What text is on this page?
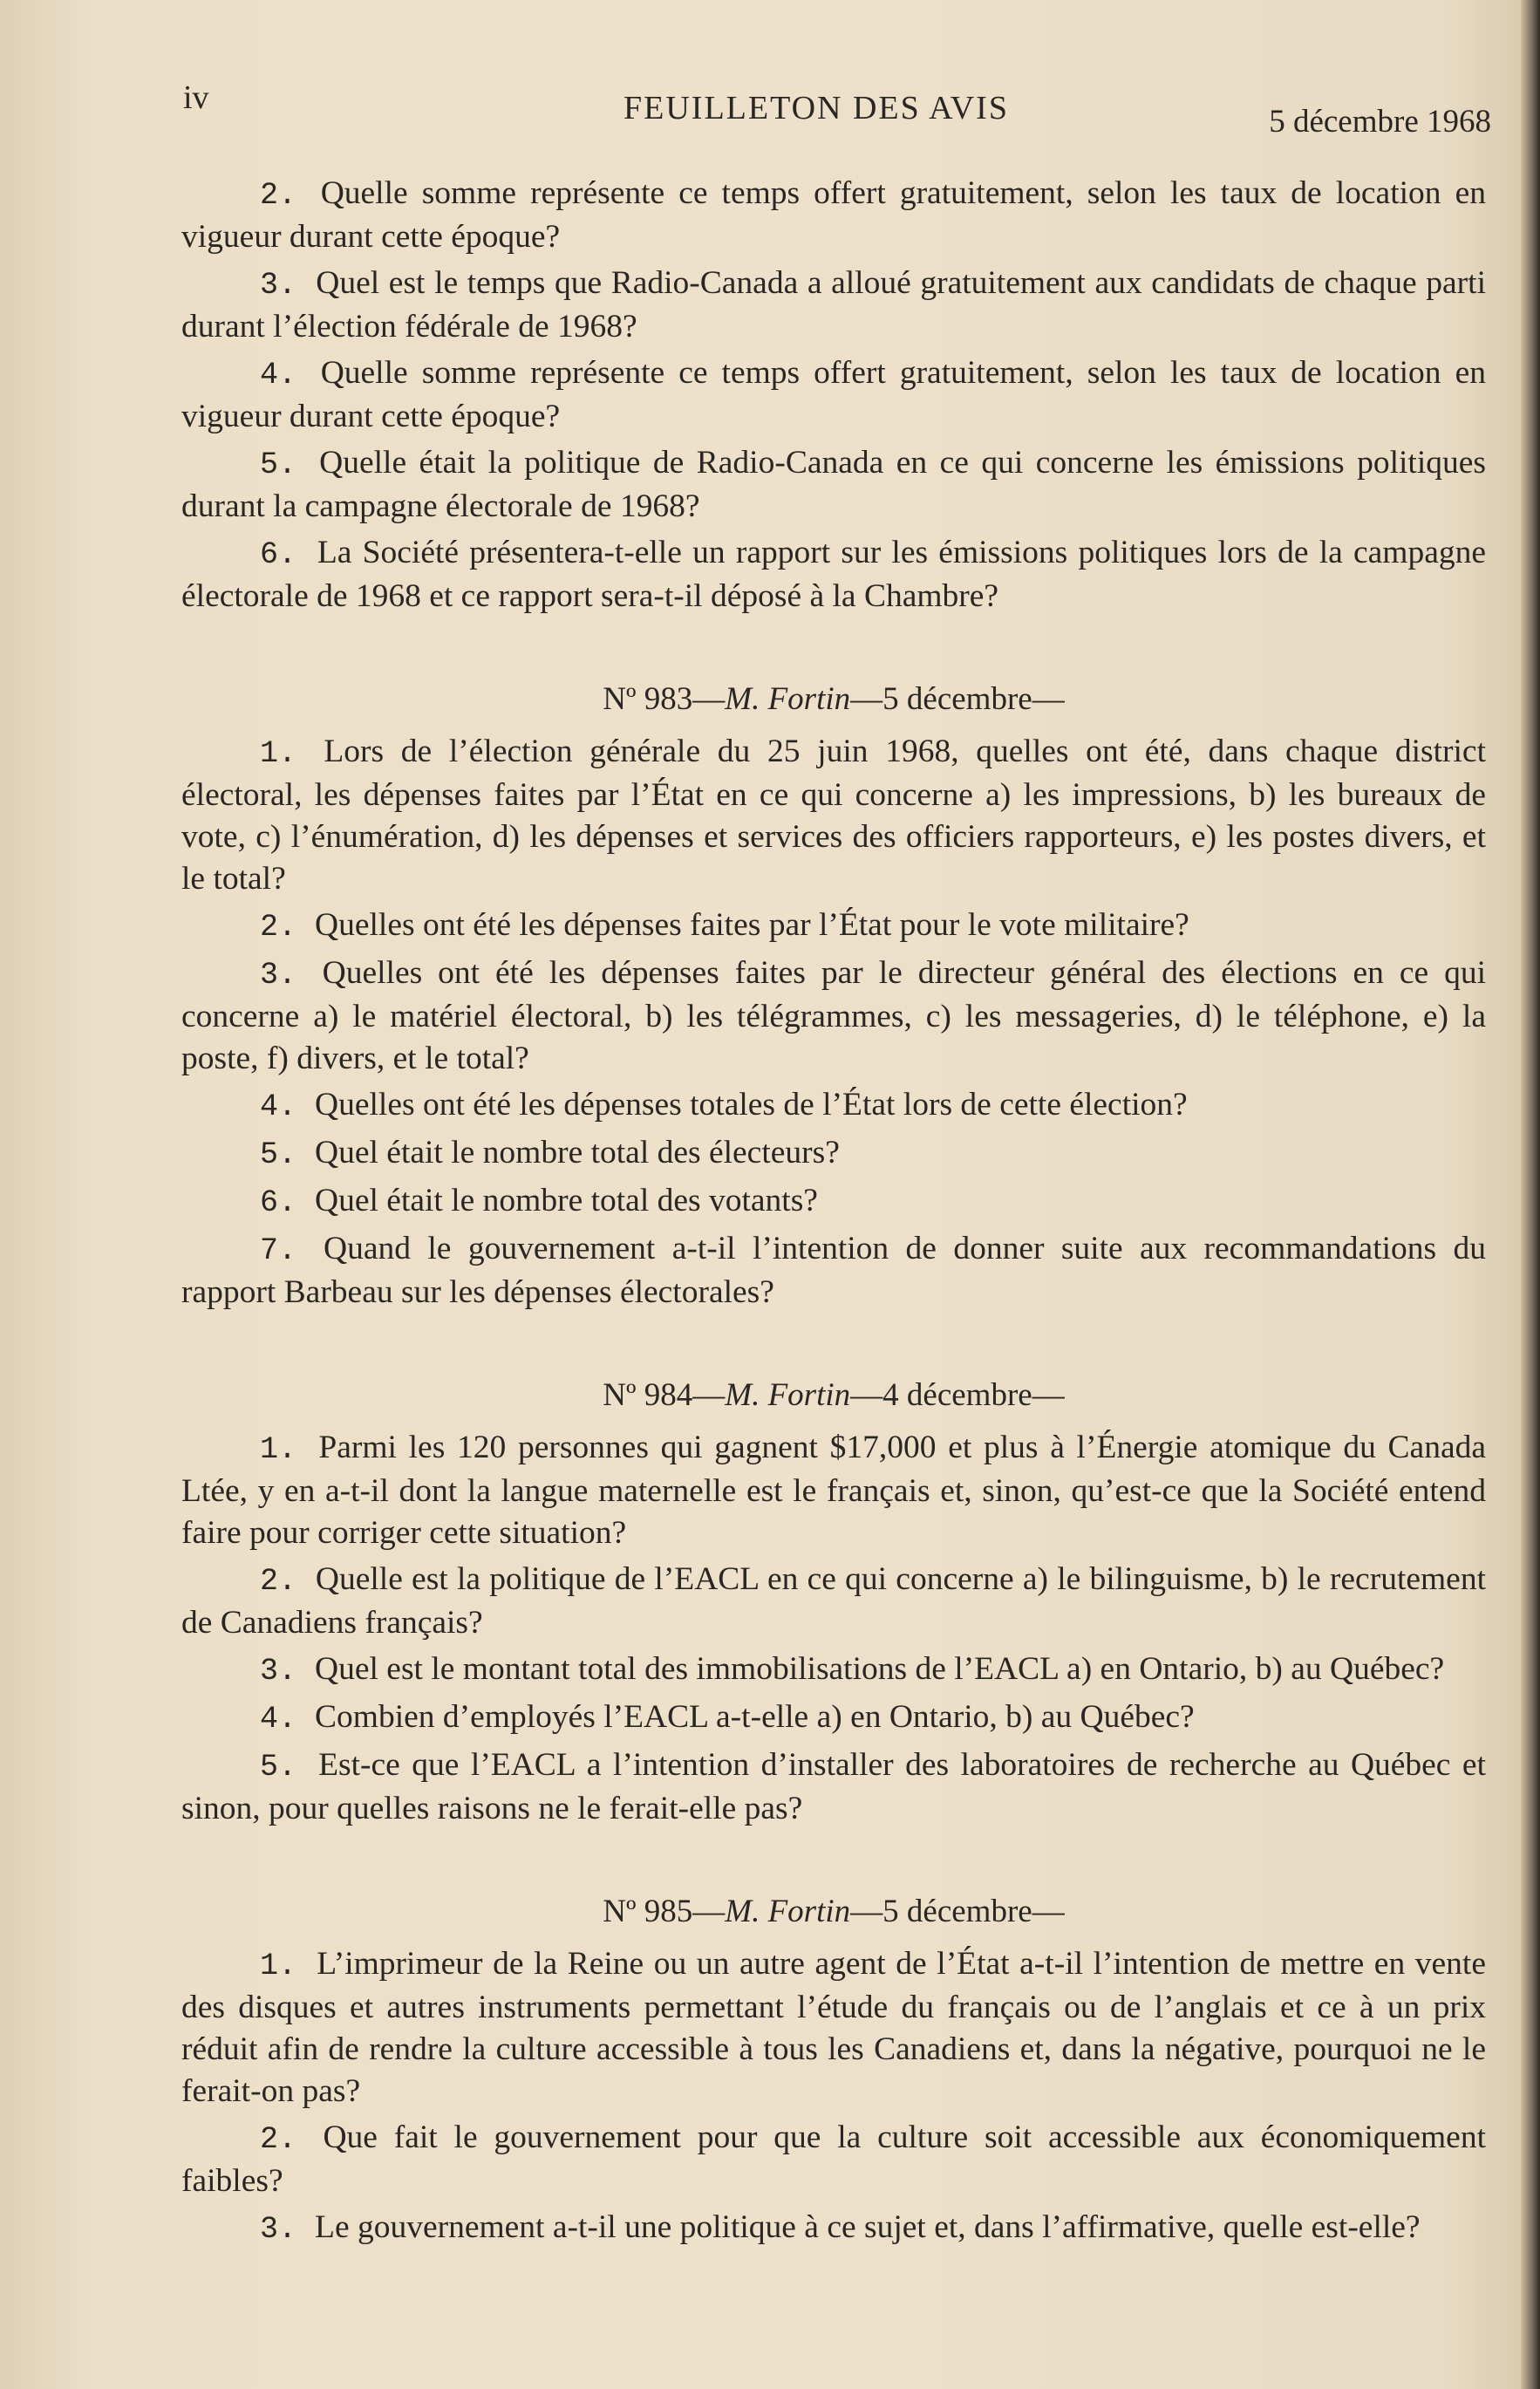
iv	FEUILLETON DES AVIS	5 décembre 1968

2 . Quelle somme représente ce temps offert gratuitement, selon les taux de location en vigueur durant cette époque?

3 . Quel est le temps que Radio-Canada a alloué gratuitement aux candidats de chaque parti durant l’élection fédérale de 1968?

4 . Quelle somme représente ce temps offert gratuitement, selon les taux de location en vigueur durant cette époque?

5 . Quelle était la politique de Radio-Canada en ce qui concerne les émissions politiques durant la campagne électorale de 1968?

6 . La Société présentera-t-elle un rapport sur les émissions politiques lors de la campagne électorale de 1968 et ce rapport sera-t-il déposé à la Chambre?

Nº 983 — M. Fortin — 5 décembre—

1 . Lors de l’élection générale du 25 juin 1968, quelles ont été, dans chaque district électoral, les dépenses faites par l’État en ce qui concerne a) les impressions, b) les bureaux de vote, c) l’énumération, d) les dépenses et services des officiers rapporteurs, e) les postes divers, et le total?

2 . Quelles ont été les dépenses faites par l’État pour le vote militaire?

3 . Quelles ont été les dépenses faites par le directeur général des élections en ce qui concerne a) le matériel électoral, b) les télégrammes, c) les messageries, d) le téléphone, e) la poste, f) divers, et le total?

4 . Quelles ont été les dépenses totales de l’État lors de cette élection?

5 . Quel était le nombre total des électeurs?

6 . Quel était le nombre total des votants?

7 . Quand le gouvernement a-t-il l’intention de donner suite aux recommandations du rapport Barbeau sur les dépenses électorales?

Nº 984 — M. Fortin — 4 décembre—

1 . Parmi les 120 personnes qui gagnent $17,000 et plus à l’Énergie atomique du Canada Ltée, y en a-t-il dont la langue maternelle est le français et, sinon, qu’est-ce que la Société entend faire pour corriger cette situation?

2 . Quelle est la politique de l’EACL en ce qui concerne a) le bilinguisme, b) le recrutement de Canadiens français?

3 . Quel est le montant total des immobilisations de l’EACL a) en Ontario, b) au Québec?

4 . Combien d’employés l’EACL a-t-elle a) en Ontario, b) au Québec?

5 . Est-ce que l’EACL a l’intention d’installer des laboratoires de recherche au Québec et sinon, pour quelles raisons ne le ferait-elle pas?

Nº 985 — M. Fortin — 5 décembre—

1 . L’imprimeur de la Reine ou un autre agent de l’État a-t-il l’intention de mettre en vente des disques et autres instruments permettant l’étude du français ou de l’anglais et ce à un prix réduit afin de rendre la culture accessible à tous les Canadiens et, dans la négative, pourquoi ne le ferait-on pas?

2 . Que fait le gouvernement pour que la culture soit accessible aux économiquement faibles?

3 . Le gouvernement a-t-il une politique à ce sujet et, dans l’affirmative, quelle est-elle?
